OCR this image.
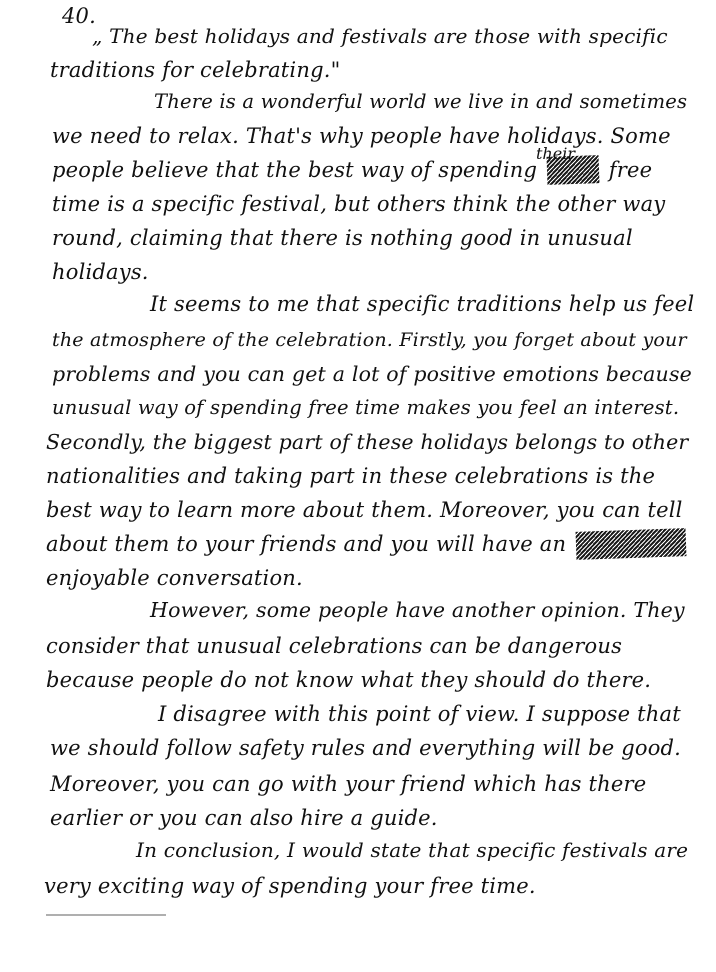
40.
„ The best holidays and festivals are those with specific
traditions for celebrating."
There is a wonderful world we live in and sometimes
we need to relax. That's why people have holidays. Some
people believe that the best way of spending	free
their
time is a specific festival, but others think the other way
round, claiming that there is nothing good in unusual
holidays.
It seems to me that specific traditions help us feel
the atmosphere of the celebration. Firstly, you forget about your
problems and you can get a lot of positive emotions because
unusual way of spending free time makes you feel an interest.
Secondly, the biggest part of these holidays belongs to other
nationalities and taking part in these celebrations is the
best way to learn more about them. Moreover, you can tell
about them to your friends and you will have an
enjoyable conversation.
However, some people have another opinion. They
consider that unusual celebrations can be dangerous
because people do not know what they should do there.
I disagree with this point of view. I suppose that
we should follow safety rules and everything will be good.
Moreover, you can go with your friend which has there
earlier or you can also hire a guide.
In conclusion, I would state that specific festivals are
very exciting way of spending your free time.
